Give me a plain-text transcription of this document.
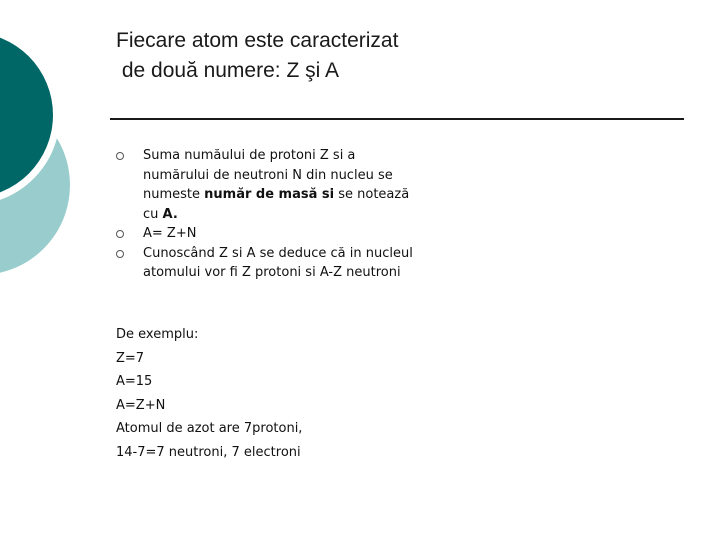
Fiecare atom este caracterizat
de două numere: Z şi A
Suma număului de protoni Z si a numărului de neutroni N din nucleu se numeste număr de masă si se notează cu A.
A= Z+N
Cunoscând Z si A se deduce că in nucleul atomului vor fi Z protoni si A-Z neutroni
De exemplu:
Z=7
A=15
A=Z+N
Atomul de azot are 7protoni,
14-7=7 neutroni, 7 electroni
